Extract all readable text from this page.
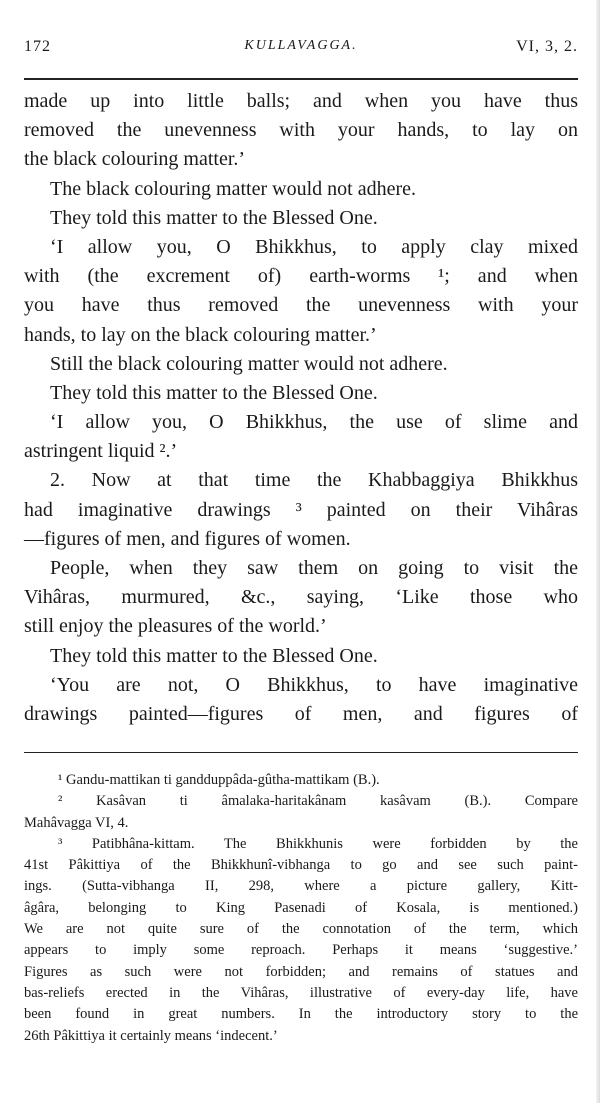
172	KULLAVAGGA.	VI, 3, 2.
made up into little balls; and when you have thus
removed the unevenness with your hands, to lay on
the black colouring matter.’
The black colouring matter would not adhere.
They told this matter to the Blessed One.
‘I allow you, O Bhikkhus, to apply clay mixed
with (the excrement of) earth-worms ¹; and when
you have thus removed the unevenness with your
hands, to lay on the black colouring matter.’
Still the black colouring matter would not adhere.
They told this matter to the Blessed One.
‘I allow you, O Bhikkhus, the use of slime and
astringent liquid ².’
2. Now at that time the Khabbaggiya Bhikkhus
had imaginative drawings ³ painted on their Vihâras
—figures of men, and figures of women.
People, when they saw them on going to visit the
Vihâras, murmured, &c., saying, ‘Like those who
still enjoy the pleasures of the world.’
They told this matter to the Blessed One.
‘You are not, O Bhikkhus, to have imaginative
drawings painted—figures of men, and figures of
¹ Gandu-mattikan ti gandduppâda-gûtha-mattikam (B.).
² Kasâvan ti âmalaka-haritakânam kasâvam (B.). Compare
Mahâvagga VI, 4.
³ Patibhâna-kittam. The Bhikkhunis were forbidden by the
41st Pâkittiya of the Bhikkhunî-vibhanga to go and see such paint-
ings. (Sutta-vibhanga II, 298, where a picture gallery, Kitt-
âgâra, belonging to King Pasenadi of Kosala, is mentioned.)
We are not quite sure of the connotation of the term, which
appears to imply some reproach. Perhaps it means ‘suggestive.’
Figures as such were not forbidden; and remains of statues and
bas-reliefs erected in the Vihâras, illustrative of every-day life, have
been found in great numbers. In the introductory story to the
26th Pâkittiya it certainly means ‘indecent.’
